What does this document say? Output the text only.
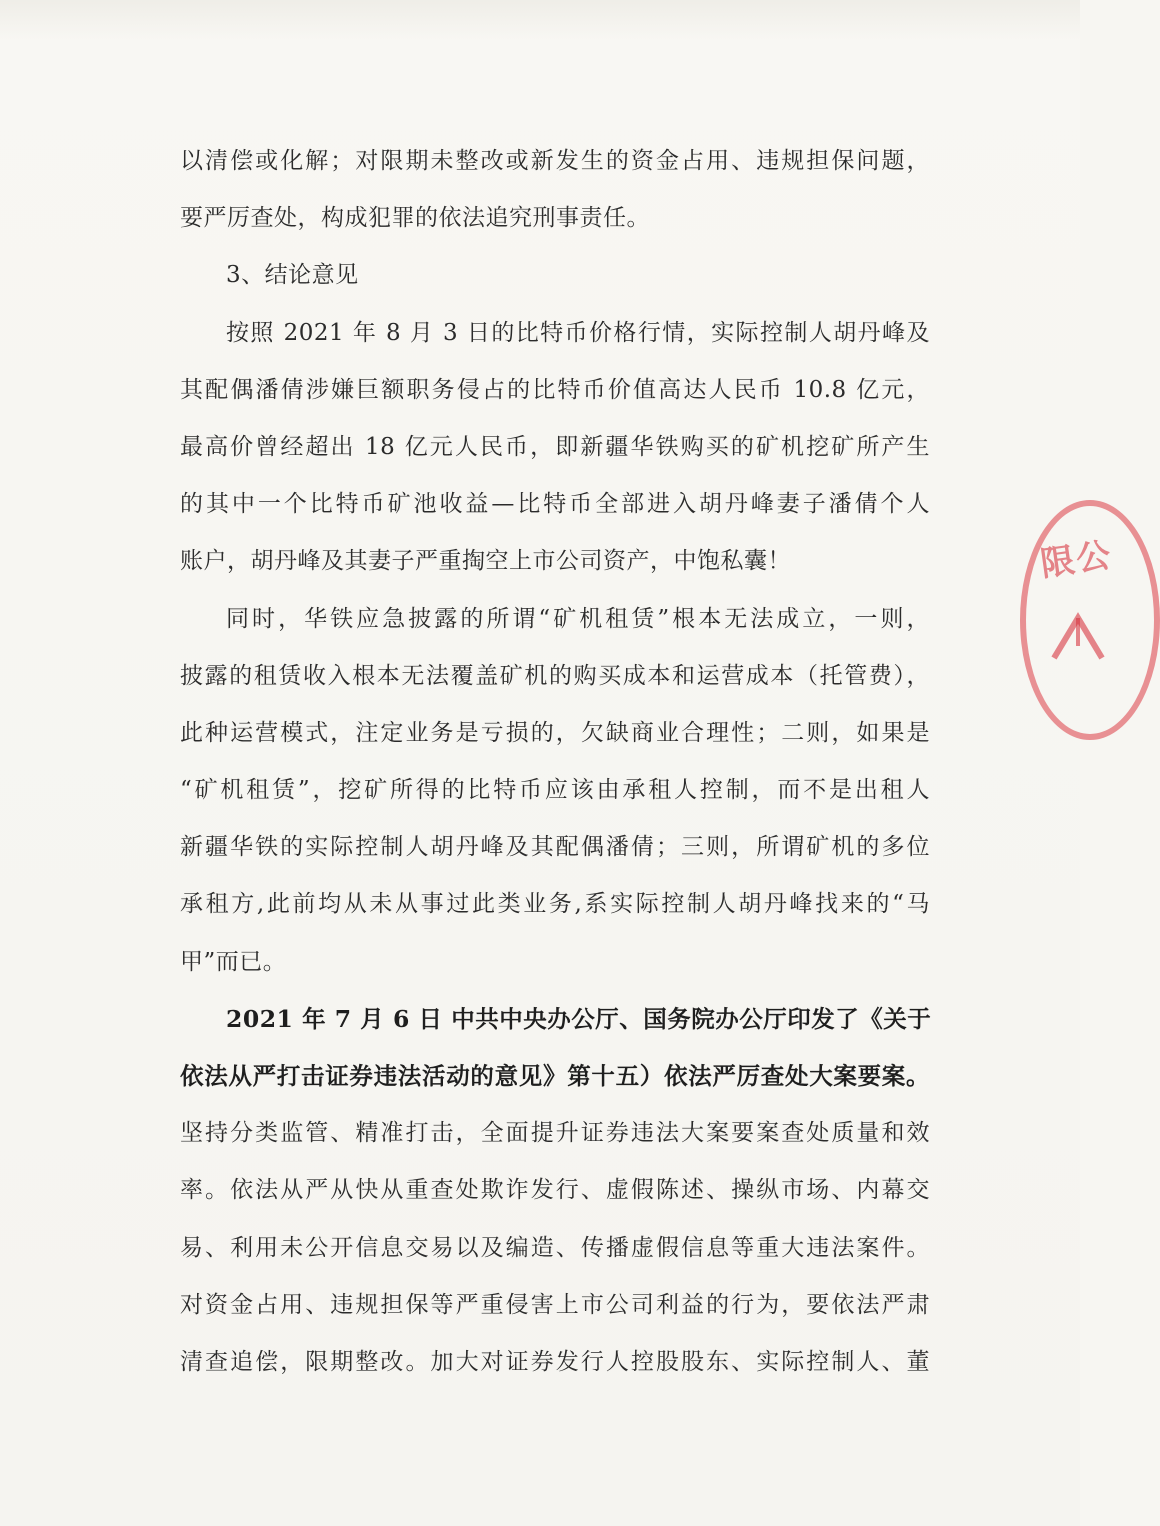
以清偿或化解；对限期未整改或新发生的资金占用、违规担保问题，
要严厉查处，构成犯罪的依法追究刑事责任。
3、结论意见
按照 2021 年 8 月 3 日的比特币价格行情，实际控制人胡丹峰及
其配偶潘倩涉嫌巨额职务侵占的比特币价值高达人民币 10.8 亿元，
最高价曾经超出 18 亿元人民币，即新疆华铁购买的矿机挖矿所产生
的其中一个比特币矿池收益—比特币全部进入胡丹峰妻子潘倩个人
账户，胡丹峰及其妻子严重掏空上市公司资产，中饱私囊！
同时，华铁应急披露的所谓“矿机租赁”根本无法成立，一则，
披露的租赁收入根本无法覆盖矿机的购买成本和运营成本（托管费），
此种运营模式，注定业务是亏损的，欠缺商业合理性；二则，如果是
“矿机租赁”，挖矿所得的比特币应该由承租人控制，而不是出租人
新疆华铁的实际控制人胡丹峰及其配偶潘倩；三则，所谓矿机的多位
承租方,此前均从未从事过此类业务,系实际控制人胡丹峰找来的“马
甲”而已。
2021 年 7 月 6 日 中共中央办公厅、国务院办公厅印发了《关于
依法从严打击证券违法活动的意见》第十五）依法严厉查处大案要案。
坚持分类监管、精准打击，全面提升证券违法大案要案查处质量和效
率。依法从严从快从重查处欺诈发行、虚假陈述、操纵市场、内幕交
易、利用未公开信息交易以及编造、传播虚假信息等重大违法案件。
对资金占用、违规担保等严重侵害上市公司利益的行为，要依法严肃
清查追偿，限期整改。加大对证券发行人控股股东、实际控制人、董
限公
